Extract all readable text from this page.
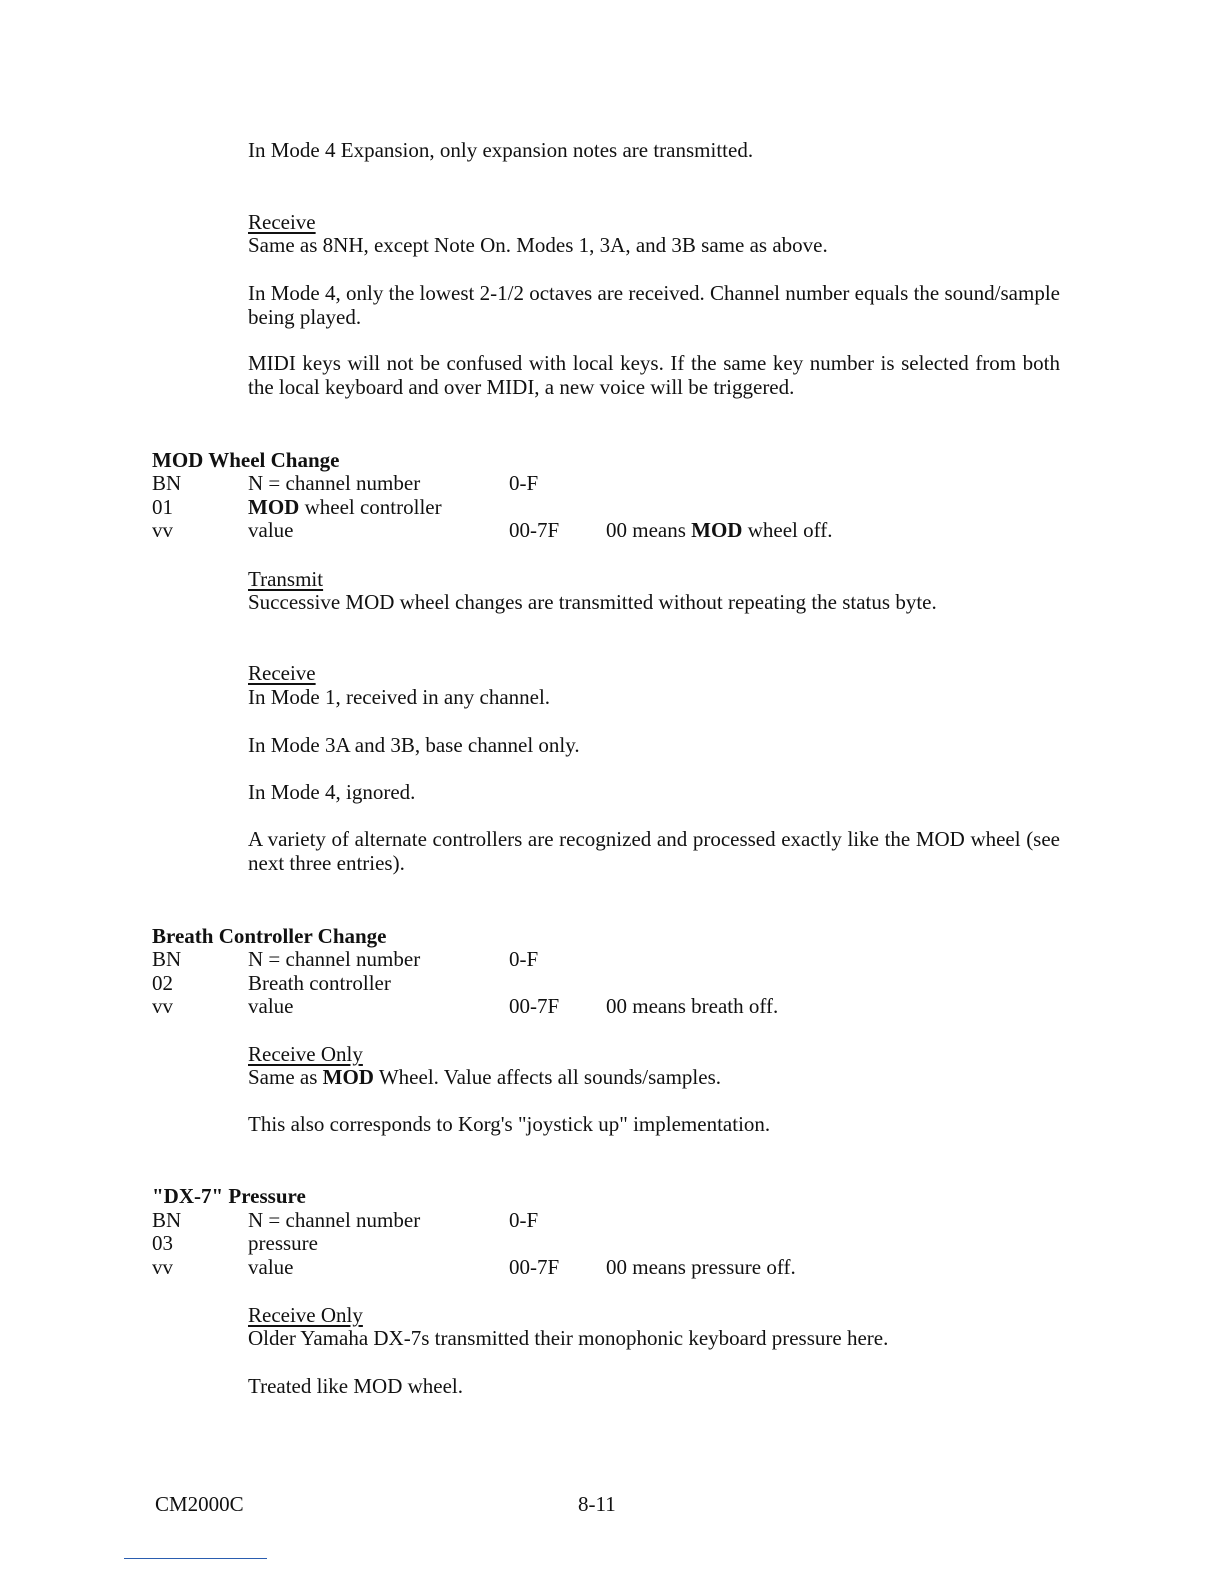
In Mode 4 Expansion, only expansion notes are transmitted.
Receive
Same as 8NH, except Note On. Modes 1, 3A, and 3B same as above.
In Mode 4, only the lowest 2-1/2 octaves are received. Channel number equals the sound/sample being played.
MIDI keys will not be confused with local keys. If the same key number is selected from both the local keyboard and over MIDI, a new voice will be triggered.
MOD Wheel Change
BN	N = channel number	0-F
01	MOD wheel controller
vv	value	00-7F 00 means MOD wheel off.
Transmit
Successive MOD wheel changes are transmitted without repeating the status byte.
Receive
In Mode 1, received in any channel.
In Mode 3A and 3B, base channel only.
In Mode 4, ignored.
A variety of alternate controllers are recognized and processed exactly like the MOD wheel (see next three entries).
Breath Controller Change
BN	N = channel number	0-F
02	Breath controller
vv	value	00-7F 00 means breath off.
Receive Only
Same as MOD Wheel. Value affects all sounds/samples.
This also corresponds to Korg's "joystick up" implementation.
"DX-7" Pressure
BN	N = channel number	0-F
03	pressure
vv	value	00-7F 00 means pressure off.
Receive Only
Older Yamaha DX-7s transmitted their monophonic keyboard pressure here.
Treated like MOD wheel.
CM2000C	8-11
